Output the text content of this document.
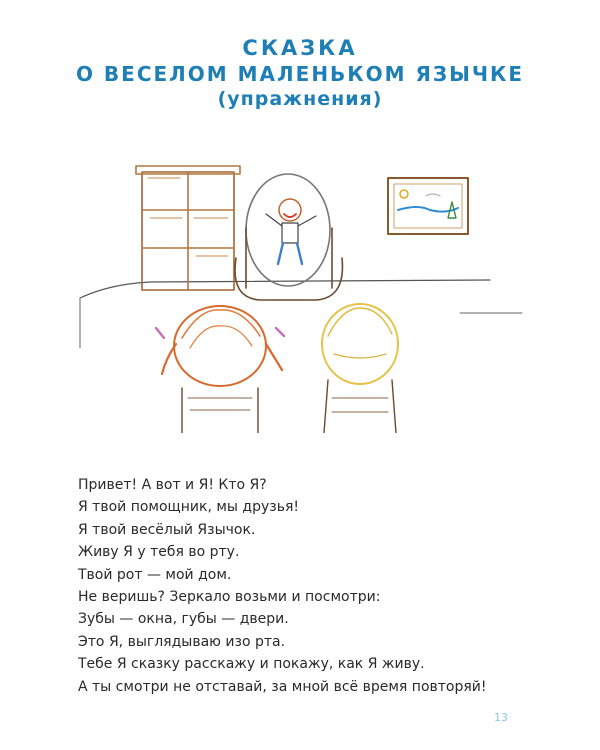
СКАЗКА
О ВЕСЕЛОМ МАЛЕНЬКОМ ЯЗЫЧКЕ
(упражнения)
Привет! А вот и Я! Кто Я?
Я твой помощник, мы друзья!
Я твой весёлый Язычок.
Живу Я у тебя во рту.
Твой рот — мой дом.
Не веришь? Зеркало возьми и посмотри:
Зубы — окна, губы — двери.
Это Я, выглядываю изо рта.
Тебе Я сказку расскажу и покажу, как Я живу.
А ты смотри не отставай, за мной всё время повторяй!
13
